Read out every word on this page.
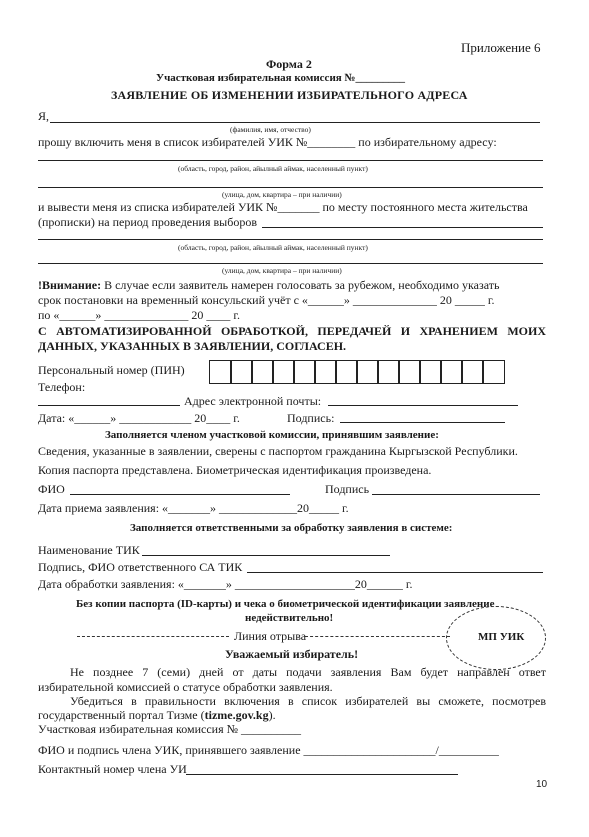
Приложение 6
Форма 2
Участковая избирательная комиссия №_________
ЗАЯВЛЕНИЕ ОБ ИЗМЕНЕНИИ ИЗБИРАТЕЛЬНОГО АДРЕСА
Я,
(фамилия, имя, отчество)
прошу включить меня в список избирателей УИК №________ по избирательному адресу:
(область, город, район, айылный аймак, населенный пункт)
(улица, дом, квартира – при наличии)
и вывести меня из списка избирателей УИК №_______ по месту постоянного места жительства
(прописки) на период проведения выборов
(область, город, район, айылный аймак, населенный пункт)
(улица, дом, квартира – при наличии)
!Внимание: В случае если заявитель намерен голосовать за рубежом, необходимо указать
срок постановки на временный консульский учёт с «______» ______________ 20 _____ г.
по «______» ______________ 20 ____ г.
С АВТОМАТИЗИРОВАННОЙ ОБРАБОТКОЙ, ПЕРЕДАЧЕЙ И ХРАНЕНИЕМ МОИХ
ДАННЫХ, УКАЗАННЫХ В ЗАЯВЛЕНИИ, СОГЛАСЕН.
Персональный номер (ПИН)
Телефон:
Адрес электронной почты:
Дата: «______» ____________ 20____ г.	Подпись:
Заполняется членом участковой комиссии, принявшим заявление:
Сведения, указанные в заявлении, сверены с паспортом гражданина Кыргызской Республики.
Копия паспорта представлена. Биометрическая идентификация произведена.
ФИО	Подпись
Дата приема заявления: «_______» _____________20_____ г.
Заполняется ответственными за обработку заявления в системе:
Наименование ТИК
Подпись, ФИО ответственного СА ТИК
Дата обработки заявления: «_______» ____________________20______ г.
Без копии паспорта (ID-карты) и чека о биометрической идентификации заявление
недействительно!
Линия отрыва	МП УИК
Уважаемый избиратель!
Не позднее 7 (семи) дней от даты подачи заявления Вам будет направлен ответ
избирательной комиссией о статусе обработки заявления.
Убедиться в правильности включения в список избирателей вы сможете, посмотрев
государственный портал Тизме (tizme.gov.kg).
Участковая избирательная комиссия № __________
ФИО и подпись члена УИК, принявшего заявление ______________________/__________
Контактный номер члена УИ
10
